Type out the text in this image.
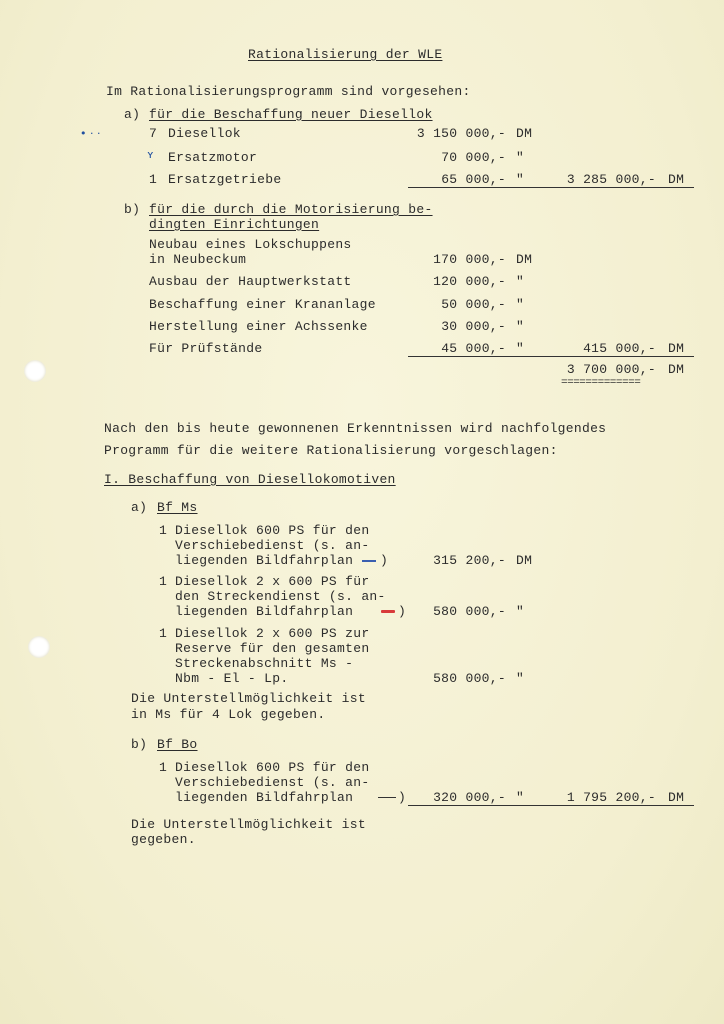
Rationalisierung der WLE
Im Rationalisierungsprogramm sind vorgesehen:
a) für die Beschaffung neuer Diesellok
• · ·	7 Diesellok	3 150 000,- DM
ʏ Ersatzmotor	70 000,- "
1 Ersatzgetriebe	65 000,- "	3 285 000,- DM
b) für die durch die Motorisierung be-
dingten Einrichtungen
Neubau eines Lokschuppens
in Neubeckum	170 000,- DM
Ausbau der Hauptwerkstatt	120 000,- "
Beschaffung einer Krananlage	50 000,- "
Herstellung einer Achssenke	30 000,- "
Für Prüfstände	45 000,- "	415 000,- DM
3 700 000,- DM
=============
Nach den bis heute gewonnenen Erkenntnissen wird nachfolgendes
Programm für die weitere Rationalisierung vorgeschlagen:
I. Beschaffung von Diesellokomotiven
a) Bf Ms
1 Diesellok 600 PS für den
Verschiebedienst (s. an-
liegenden Bildfahrplan )	315 200,- DM
1 Diesellok 2 x 600 PS für
den Streckendienst (s. an-
liegenden Bildfahrplan	)	580 000,- "
1 Diesellok 2 x 600 PS zur
Reserve für den gesamten
Streckenabschnitt Ms -
Nbm - El - Lp.	580 000,- "
Die Unterstellmöglichkeit ist
in Ms für 4 Lok gegeben.
b) Bf Bo
1 Diesellok 600 PS für den
Verschiebedienst (s. an-
liegenden Bildfahrplan	)	320 000,- "	1 795 200,- DM
Die Unterstellmöglichkeit ist
gegeben.
